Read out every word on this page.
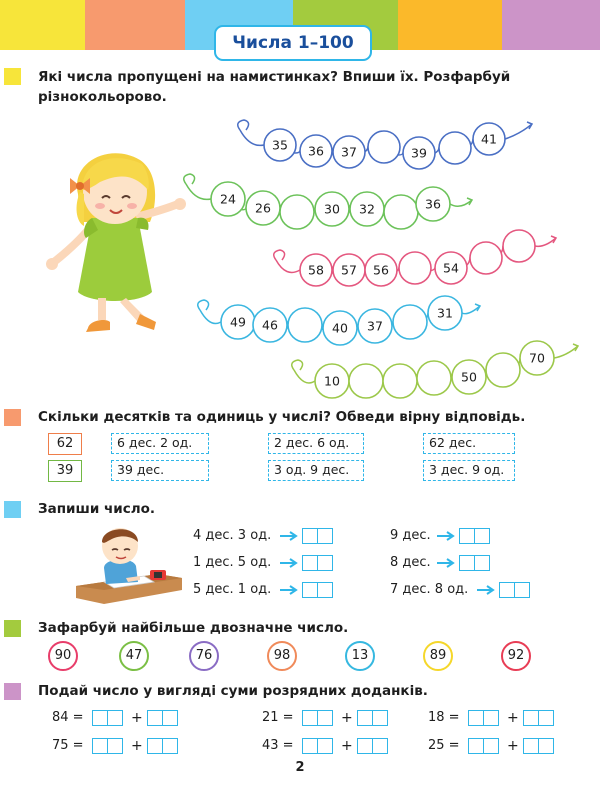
Числа 1–100
Які числа пропущені на намистинках? Впиши їх. Розфарбуй
різнокольорово.
35 36 37	39
41
24
26	30 32	36
58 57 56	54
49 46	40 37
31
10	50
70
Скільки десятків та одиниць у числі? Обведи вірну відповідь.
62	6 дес. 2 од.	2 дес. 6 од.	62 дес.
39	39 дес.	3 од. 9 дес.	3 дес. 9 од.
Запиши число.
4 дес. 3 од.
1 дес. 5 од.
5 дес. 1 од.
9 дес.
8 дес.
7 дес. 8 од.
Зафарбуй найбільше двозначне число.
90	47	76	98	13	89	92
Подай число у вигляді суми розрядних доданків.
84 =	+
75 =	+
21 =	+
43 =	+
18 =	+
25 =	+
2
